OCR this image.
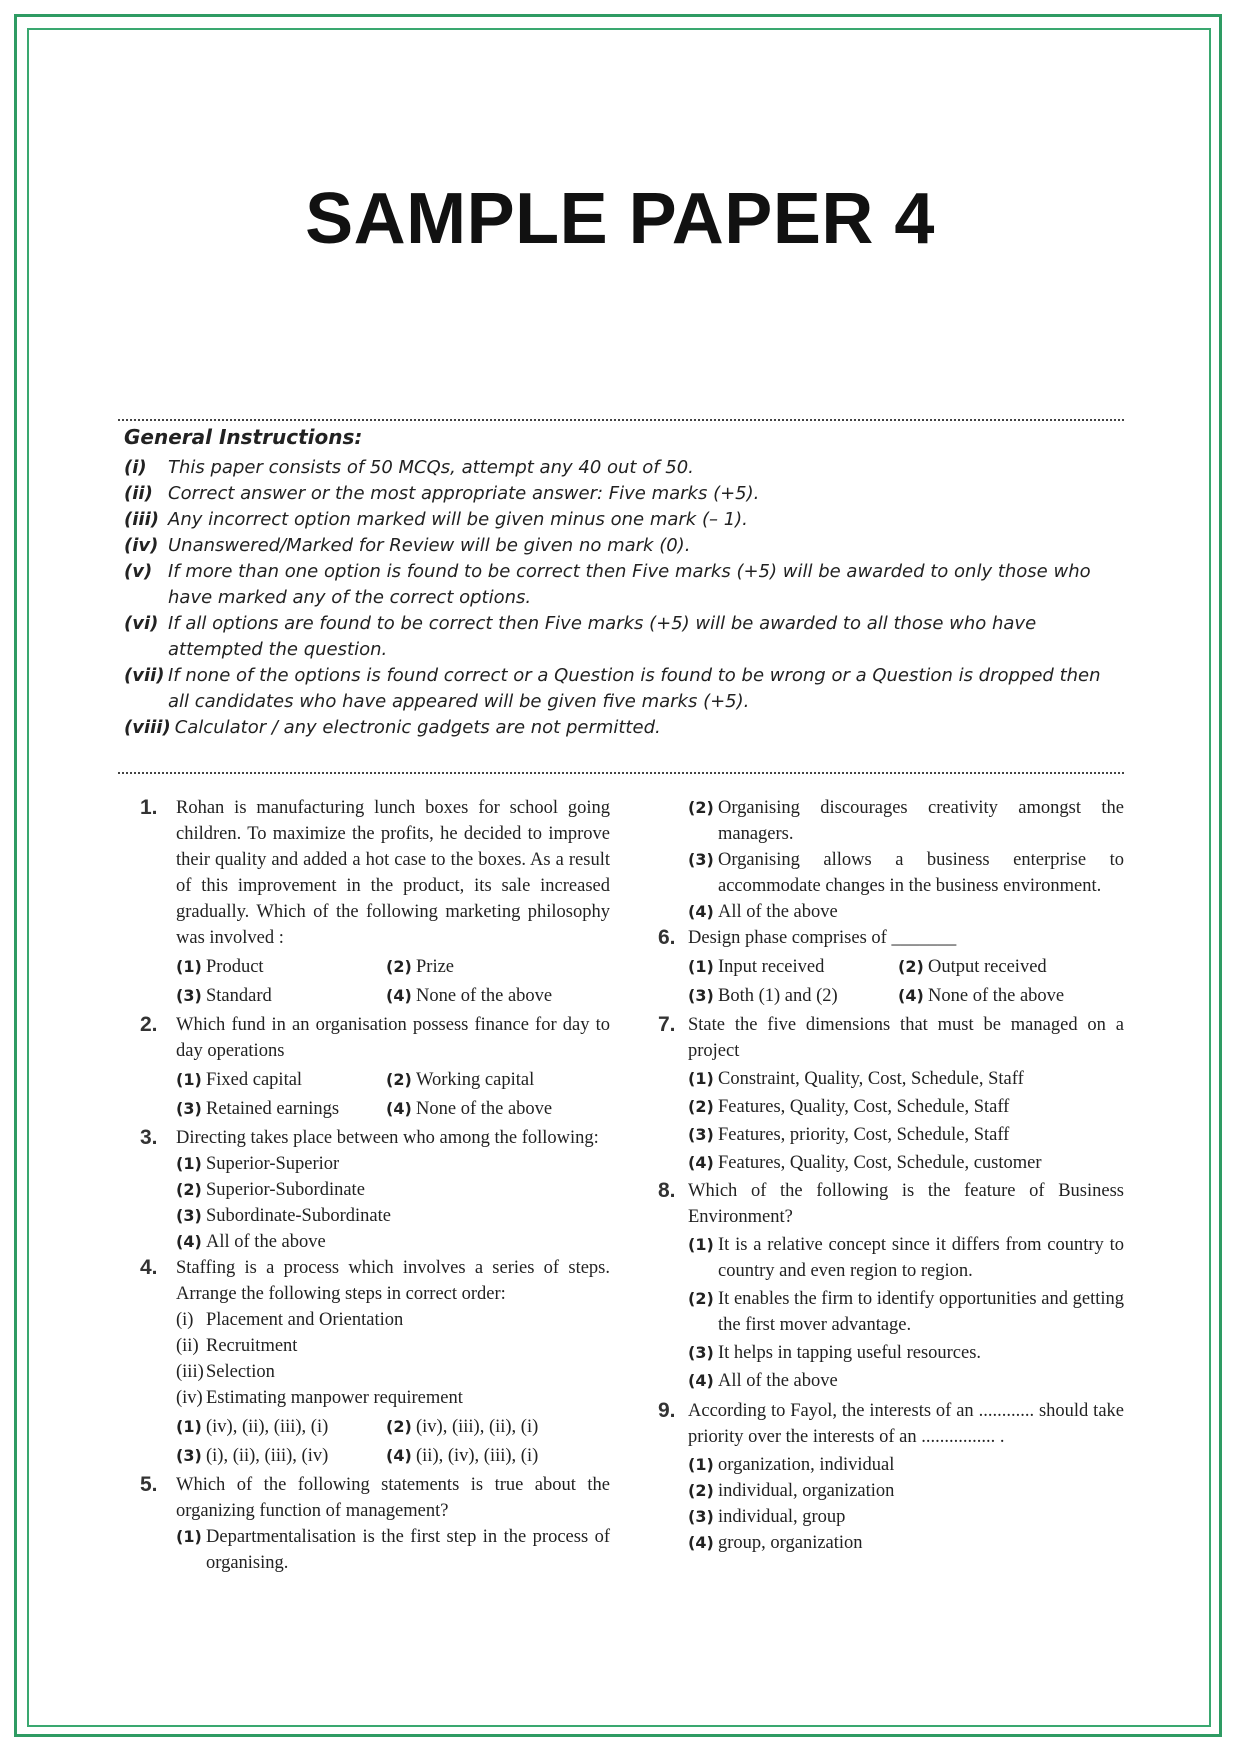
SAMPLE PAPER 4
General Instructions:
(i)	This paper consists of 50 MCQs, attempt any 40 out of 50.
(ii) Correct answer or the most appropriate answer: Five marks (+5).
(iii) Any incorrect option marked will be given minus one mark (– 1).
(iv) Unanswered/Marked for Review will be given no mark (0).
(v) If more than one option is found to be correct then Five marks (+5) will be awarded to only those who have marked any of the correct options.
(vi) If all options are found to be correct then Five marks (+5) will be awarded to all those who have attempted the question.
(vii) If none of the options is found correct or a Question is found to be wrong or a Question is dropped then all candidates who have appeared will be given five marks (+5).
(viii) Calculator / any electronic gadgets are not permitted.
1. Rohan is manufacturing lunch boxes for school going children. To maximize the profits, he decided to improve their quality and added a hot case to the boxes. As a result of this improvement in the product, its sale increased gradually. Which of the following marketing philosophy was involved :
(1) Product	(2) Prize
(3) Standard	(4) None of the above
2. Which fund in an organisation possess finance for day to day operations
(1) Fixed capital	(2) Working capital
(3) Retained earnings	(4) None of the above
3. Directing takes place between who among the following:
(1) Superior-Superior
(2) Superior-Subordinate
(3) Subordinate-Subordinate
(4) All of the above
4. Staffing is a process which involves a series of steps. Arrange the following steps in correct order:
(i) Placement and Orientation
(ii) Recruitment
(iii) Selection
(iv) Estimating manpower requirement
(1) (iv), (ii), (iii), (i)	(2) (iv), (iii), (ii), (i)
(3) (i), (ii), (iii), (iv)	(4) (ii), (iv), (iii), (i)
5. Which of the following statements is true about the organizing function of management?
(1) Departmentalisation is the first step in the process of organising.
(2) Organising discourages creativity amongst the managers.
(3) Organising allows a business enterprise to accommodate changes in the business environment.
(4) All of the above
6. Design phase comprises of _______
(1) Input received	(2) Output received
(3) Both (1) and (2)	(4) None of the above
7. State the five dimensions that must be managed on a project
(1) Constraint, Quality, Cost, Schedule, Staff
(2) Features, Quality, Cost, Schedule, Staff
(3) Features, priority, Cost, Schedule, Staff
(4) Features, Quality, Cost, Schedule, customer
8. Which of the following is the feature of Business Environment?
(1) It is a relative concept since it differs from country to country and even region to region.
(2) It enables the firm to identify opportunities and getting the first mover advantage.
(3) It helps in tapping useful resources.
(4) All of the above
9. According to Fayol, the interests of an ............ should take priority over the interests of an ................ .
(1) organization, individual
(2) individual, organization
(3) individual, group
(4) group, organization
